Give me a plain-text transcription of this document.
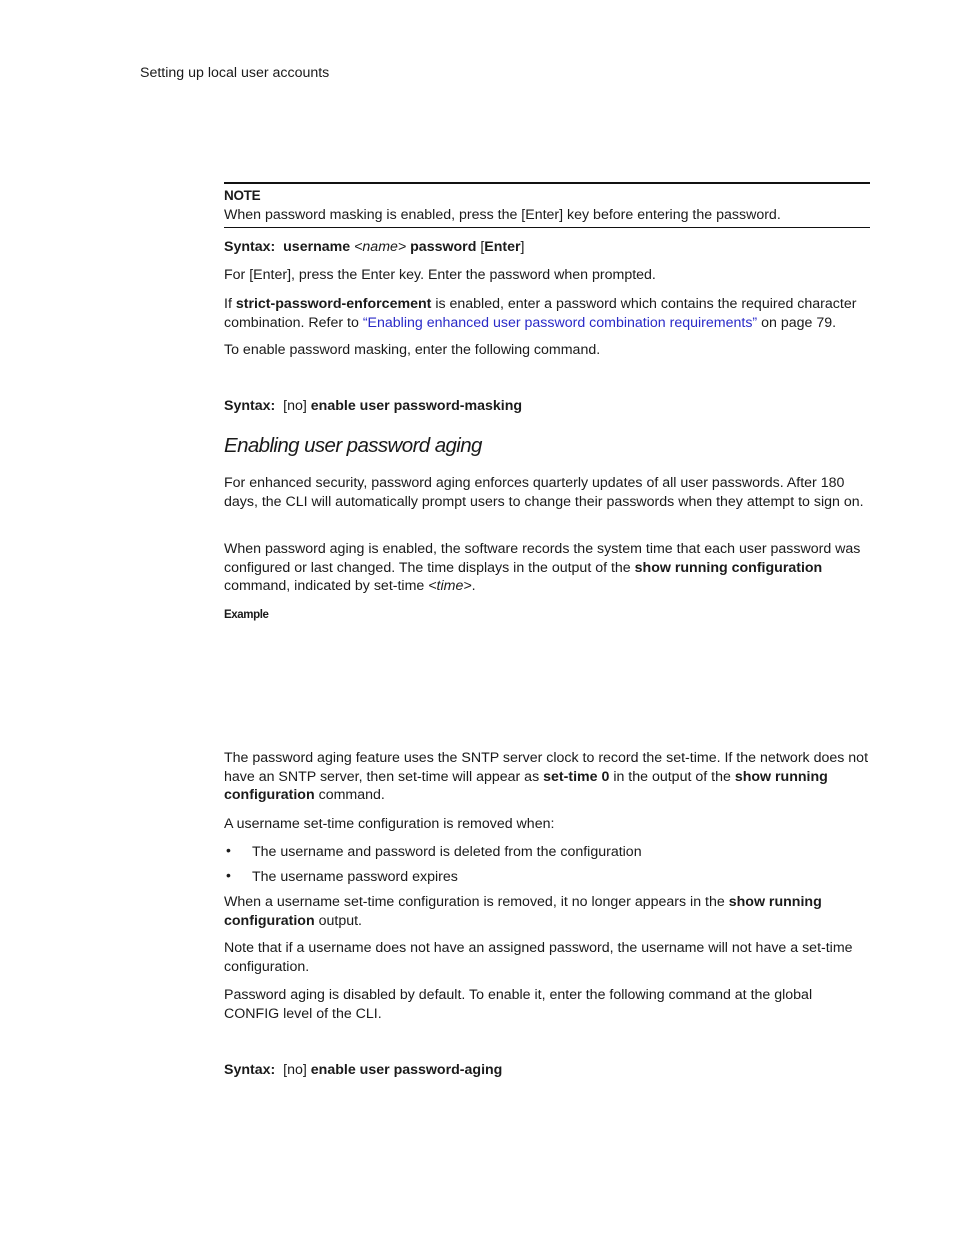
Setting up local user accounts

NOTE

When password masking is enabled, press the [Enter] key before entering the password.

Syntax: username <name> password [Enter]

For [Enter], press the Enter key. Enter the password when prompted.

If strict-password-enforcement is enabled, enter a password which contains the required character combination. Refer to “Enabling enhanced user password combination requirements” on page 79.

To enable password masking, enter the following command.

Syntax: [no] enable user password-masking
Enabling user password aging

For enhanced security, password aging enforces quarterly updates of all user passwords. After 180 days, the CLI will automatically prompt users to change their passwords when they attempt to sign on.

When password aging is enabled, the software records the system time that each user password was configured or last changed. The time displays in the output of the show running configuration command, indicated by set-time <time>.

Example

The password aging feature uses the SNTP server clock to record the set-time. If the network does not have an SNTP server, then set-time will appear as set-time 0 in the output of the show running configuration command.

A username set-time configuration is removed when:

• The username and password is deleted from the configuration

• The username password expires

When a username set-time configuration is removed, it no longer appears in the show running configuration output.

Note that if a username does not have an assigned password, the username will not have a set-time configuration.

Password aging is disabled by default. To enable it, enter the following command at the global CONFIG level of the CLI.

Syntax: [no] enable user password-aging
